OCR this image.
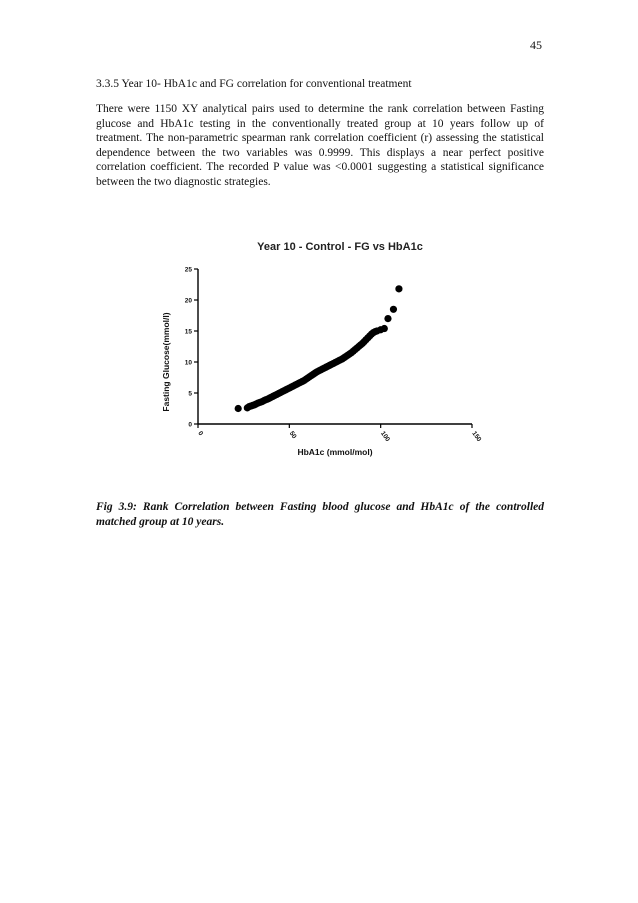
45
3.3.5 Year 10- HbA1c and FG correlation for conventional treatment
There were 1150 XY analytical pairs used to determine the rank correlation between Fasting glucose and HbA1c testing in the conventionally treated group at 10 years follow up of treatment. The non-parametric spearman rank correlation coefficient (r) assessing the statistical dependence between the two variables was 0.9999. This displays a near perfect positive correlation coefficient. The recorded P value was <0.0001 suggesting a statistical significance between the two diagnostic strategies.
Year 10 - Control - FG vs HbA1c
0
5
10
15
20
25
0	50	100	150
HbA1c (mmol/mol)
Fasting Glucose(mmol/l)
Fig 3.9: Rank Correlation between Fasting blood glucose and HbA1c of the controlled matched group at 10 years.
